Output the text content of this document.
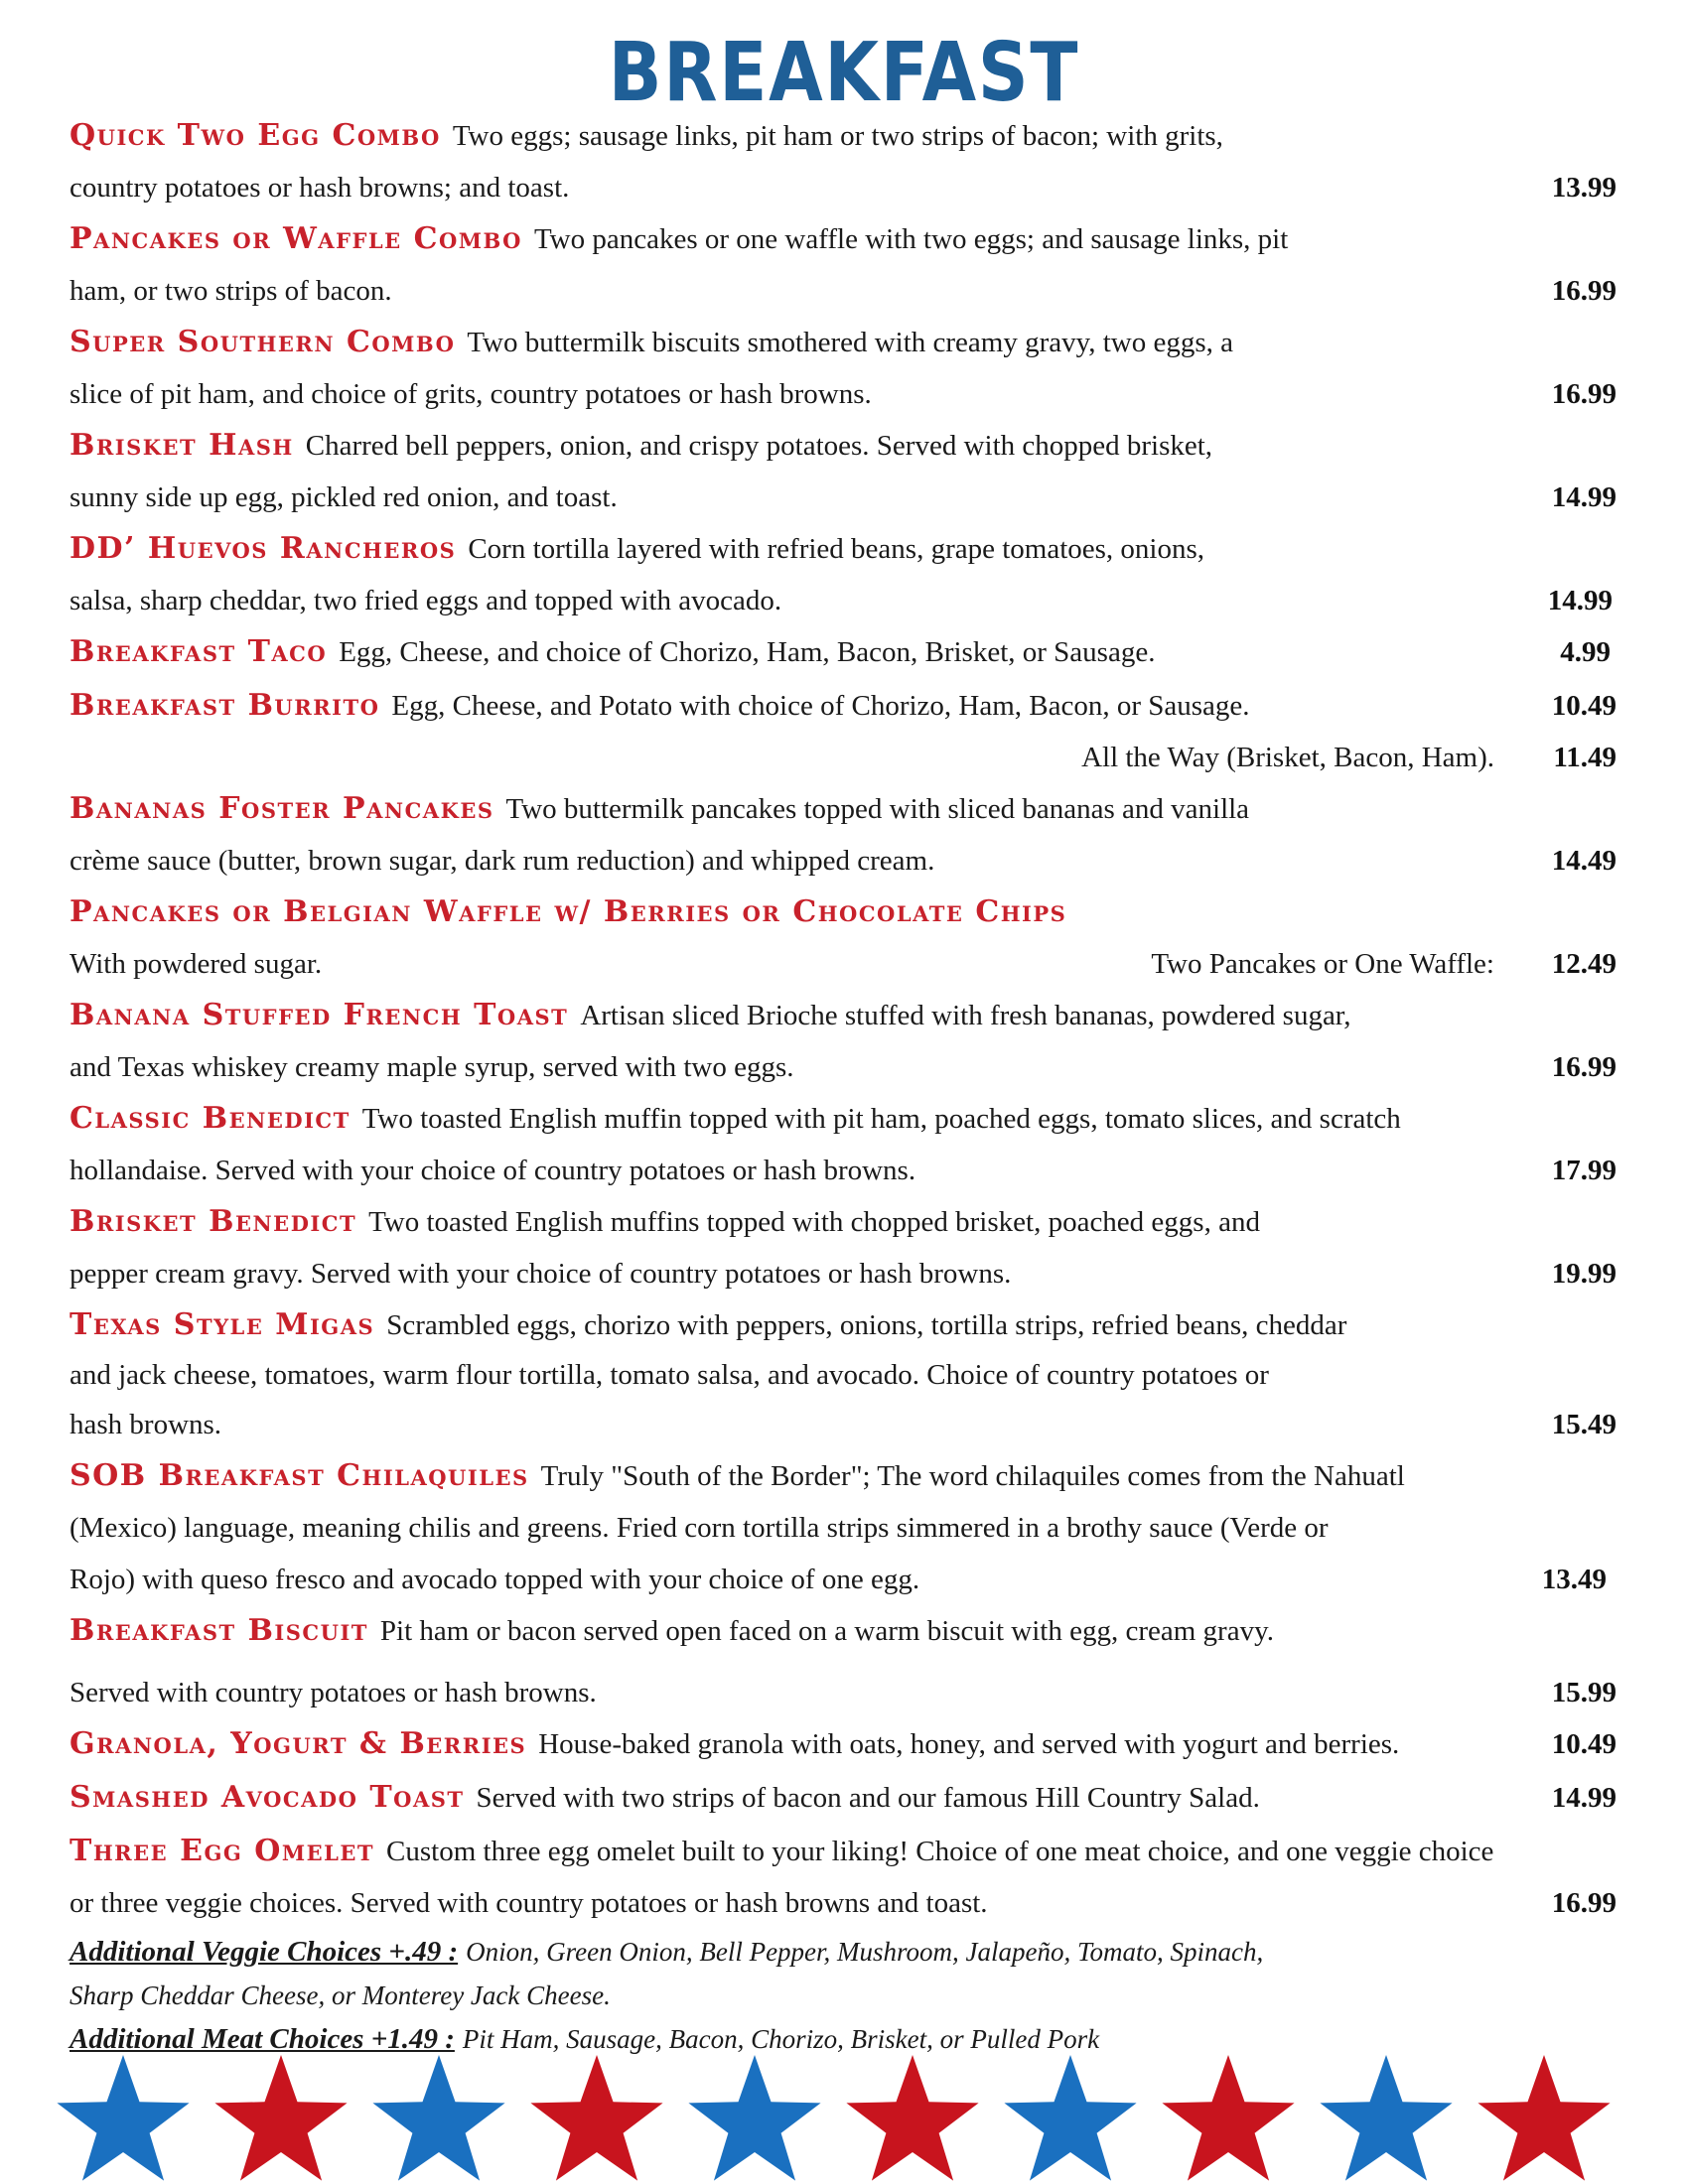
BREAKFAST
Quick Two Egg Combo Two eggs; sausage links, pit ham or two strips of bacon; with grits,
country potatoes or hash browns; and toast.	13.99
Pancakes or Waffle Combo Two pancakes or one waffle with two eggs; and sausage links, pit
ham, or two strips of bacon.	16.99
Super Southern Combo Two buttermilk biscuits smothered with creamy gravy, two eggs, a
slice of pit ham, and choice of grits, country potatoes or hash browns.	16.99
Brisket Hash Charred bell peppers, onion, and crispy potatoes. Served with chopped brisket,
sunny side up egg, pickled red onion, and toast.	14.99
DD’ Huevos Rancheros Corn tortilla layered with refried beans, grape tomatoes, onions,
salsa, sharp cheddar, two fried eggs and topped with avocado.	14.99
Breakfast Taco Egg, Cheese, and choice of Chorizo, Ham, Bacon, Brisket, or Sausage.	4.99
Breakfast Burrito Egg, Cheese, and Potato with choice of Chorizo, Ham, Bacon, or Sausage.	10.49
All the Way (Brisket, Bacon, Ham). 11.49
Bananas Foster Pancakes Two buttermilk pancakes topped with sliced bananas and vanilla
crème sauce (butter, brown sugar, dark rum reduction) and whipped cream.	14.49
Pancakes or Belgian Waffle w/ Berries or Chocolate Chips
With powdered sugar.	Two Pancakes or One Waffle: 12.49
Banana Stuffed French Toast Artisan sliced Brioche stuffed with fresh bananas, powdered sugar,
and Texas whiskey creamy maple syrup, served with two eggs.	16.99
Classic Benedict Two toasted English muffin topped with pit ham, poached eggs, tomato slices, and scratch
hollandaise. Served with your choice of country potatoes or hash browns.	17.99
Brisket Benedict Two toasted English muffins topped with chopped brisket, poached eggs, and
pepper cream gravy. Served with your choice of country potatoes or hash browns.	19.99
Texas Style Migas Scrambled eggs, chorizo with peppers, onions, tortilla strips, refried beans, cheddar
and jack cheese, tomatoes, warm flour tortilla, tomato salsa, and avocado. Choice of country potatoes or
hash browns.	15.49
SOB Breakfast Chilaquiles Truly "South of the Border"; The word chilaquiles comes from the Nahuatl
(Mexico) language, meaning chilis and greens. Fried corn tortilla strips simmered in a brothy sauce (Verde or
Rojo) with queso fresco and avocado topped with your choice of one egg.	13.49
Breakfast Biscuit Pit ham or bacon served open faced on a warm biscuit with egg, cream gravy.
Served with country potatoes or hash browns.	15.99
Granola, Yogurt & Berries House-baked granola with oats, honey, and served with yogurt and berries.	10.49
Smashed Avocado Toast Served with two strips of bacon and our famous Hill Country Salad.	14.99
Three Egg Omelet Custom three egg omelet built to your liking! Choice of one meat choice, and one veggie choice
or three veggie choices. Served with country potatoes or hash browns and toast.	16.99
Additional Veggie Choices +.49 : Onion, Green Onion, Bell Pepper, Mushroom, Jalapeño, Tomato, Spinach,
Sharp Cheddar Cheese, or Monterey Jack Cheese.
Additional Meat Choices +1.49 : Pit Ham, Sausage, Bacon, Chorizo, Brisket, or Pulled Pork
